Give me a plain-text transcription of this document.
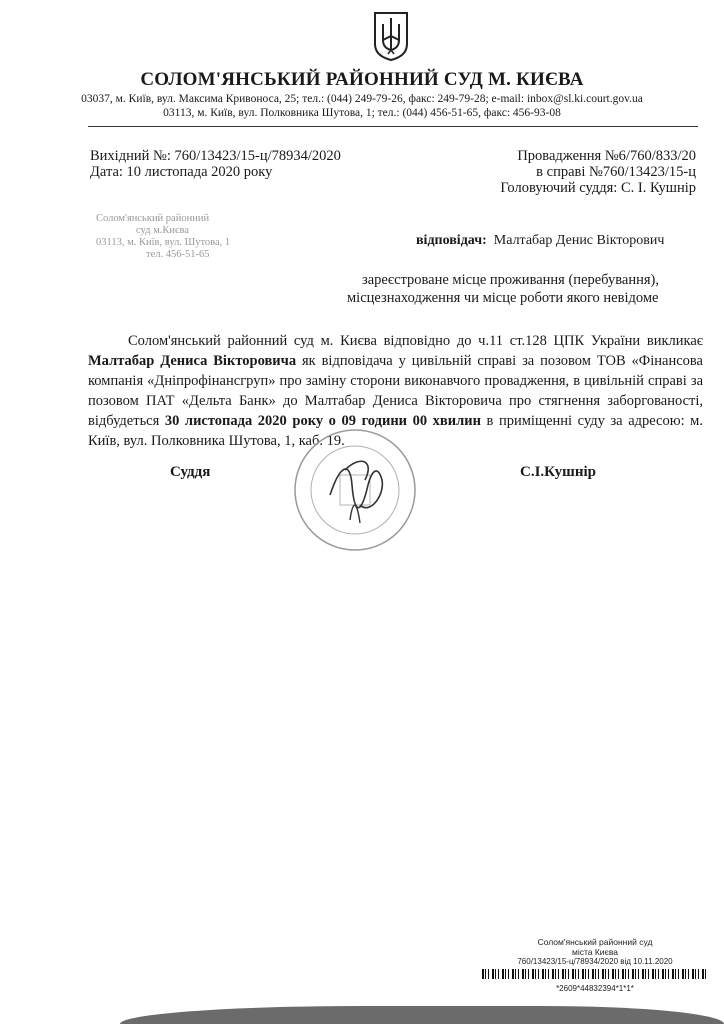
СОЛОМ'ЯНСЬКИЙ РАЙОННИЙ СУД М. КИЄВА
03037, м. Київ, вул. Максима Кривоноса, 25; тел.: (044) 249-79-26, факс: 249-79-28; e-mail: inbox@sl.ki.court.gov.ua
03113, м. Київ, вул. Полковника Шутова, 1; тел.: (044) 456-51-65, факс: 456-93-08
Вихідний №: 760/13423/15-ц/78934/2020
Дата: 10 листопада 2020 року
Провадження №6/760/833/20
в справі №760/13423/15-ц
Головуючий суддя: С. І. Кушнір
Солом'янський районний
суд м.Києва
03113, м. Київ, вул. Шутова, 1
тел. 456-51-65
відповідач: Малтабар Денис Вікторович
зареєстроване місце проживання (перебування),
місцезнаходження чи місце роботи якого невідоме
Солом'янський районний суд м. Києва відповідно до ч.11 ст.128 ЦПК України викликає Малтабар Дениса Вікторовича як відповідача у цивільній справі за позовом ТОВ «Фінансова компанія «Дніпрофінансгруп» про заміну сторони виконавчого провадження, в цивільній справі за позовом ПАТ «Дельта Банк» до Малтабар Дениса Вікторовича про стягнення заборгованості, відбудеться 30 листопада 2020 року о 09 години 00 хвилин в приміщенні суду за адресою: м. Київ, вул. Полковника Шутова, 1, каб. 19.
Суддя	С.І.Кушнір
Солом'янський районний суд
міста Києва
760/13423/15-ц/78934/2020 від 10.11.2020
*2609*44832394*1*1*
